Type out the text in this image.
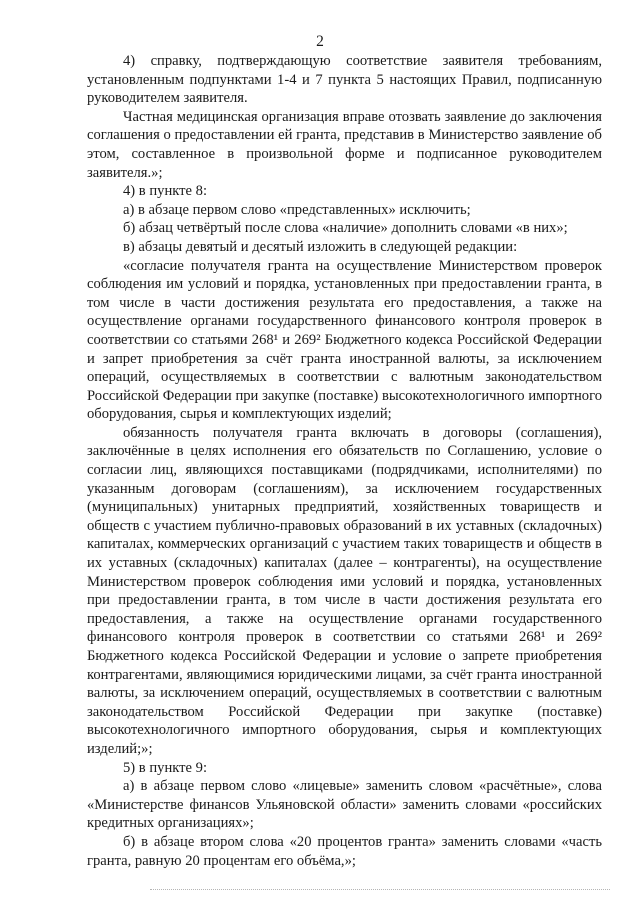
2

4) справку, подтверждающую соответствие заявителя требованиям, установленным подпунктами 1-4 и 7 пункта 5 настоящих Правил, подписанную руководителем заявителя.

Частная медицинская организация вправе отозвать заявление до заключения соглашения о предоставлении ей гранта, представив в Министерство заявление об этом, составленное в произвольной форме и подписанное руководителем заявителя.»;

4) в пункте 8:

а) в абзаце первом слово «представленных» исключить;

б) абзац четвёртый после слова «наличие» дополнить словами «в них»;

в) абзацы девятый и десятый изложить в следующей редакции:

«согласие получателя гранта на осуществление Министерством проверок соблюдения им условий и порядка, установленных при предоставлении гранта, в том числе в части достижения результата его предоставления, а также на осуществление органами государственного финансового контроля проверок в соответствии со статьями 268¹ и 269² Бюджетного кодекса Российской Федерации и запрет приобретения за счёт гранта иностранной валюты, за исключением операций, осуществляемых в соответствии с валютным законодательством Российской Федерации при закупке (поставке) высокотехнологичного импортного оборудования, сырья и комплектующих изделий;

обязанность получателя гранта включать в договоры (соглашения), заключённые в целях исполнения его обязательств по Соглашению, условие о согласии лиц, являющихся поставщиками (подрядчиками, исполнителями) по указанным договорам (соглашениям), за исключением государственных (муниципальных) унитарных предприятий, хозяйственных товариществ и обществ с участием публично-правовых образований в их уставных (складочных) капиталах, коммерческих организаций с участием таких товариществ и обществ в их уставных (складочных) капиталах (далее – контрагенты), на осуществление Министерством проверок соблюдения ими условий и порядка, установленных при предоставлении гранта, в том числе в части достижения результата его предоставления, а также на осуществление органами государственного финансового контроля проверок в соответствии со статьями 268¹ и 269² Бюджетного кодекса Российской Федерации и условие о запрете приобретения контрагентами, являющимися юридическими лицами, за счёт гранта иностранной валюты, за исключением операций, осуществляемых в соответствии с валютным законодательством Российской Федерации при закупке (поставке) высокотехнологичного импортного оборудования, сырья и комплектующих изделий;»;

5) в пункте 9:

а) в абзаце первом слово «лицевые» заменить словом «расчётные», слова «Министерстве финансов Ульяновской области» заменить словами «российских кредитных организациях»;

б) в абзаце втором слова «20 процентов гранта» заменить словами «часть гранта, равную 20 процентам его объёма,»;
